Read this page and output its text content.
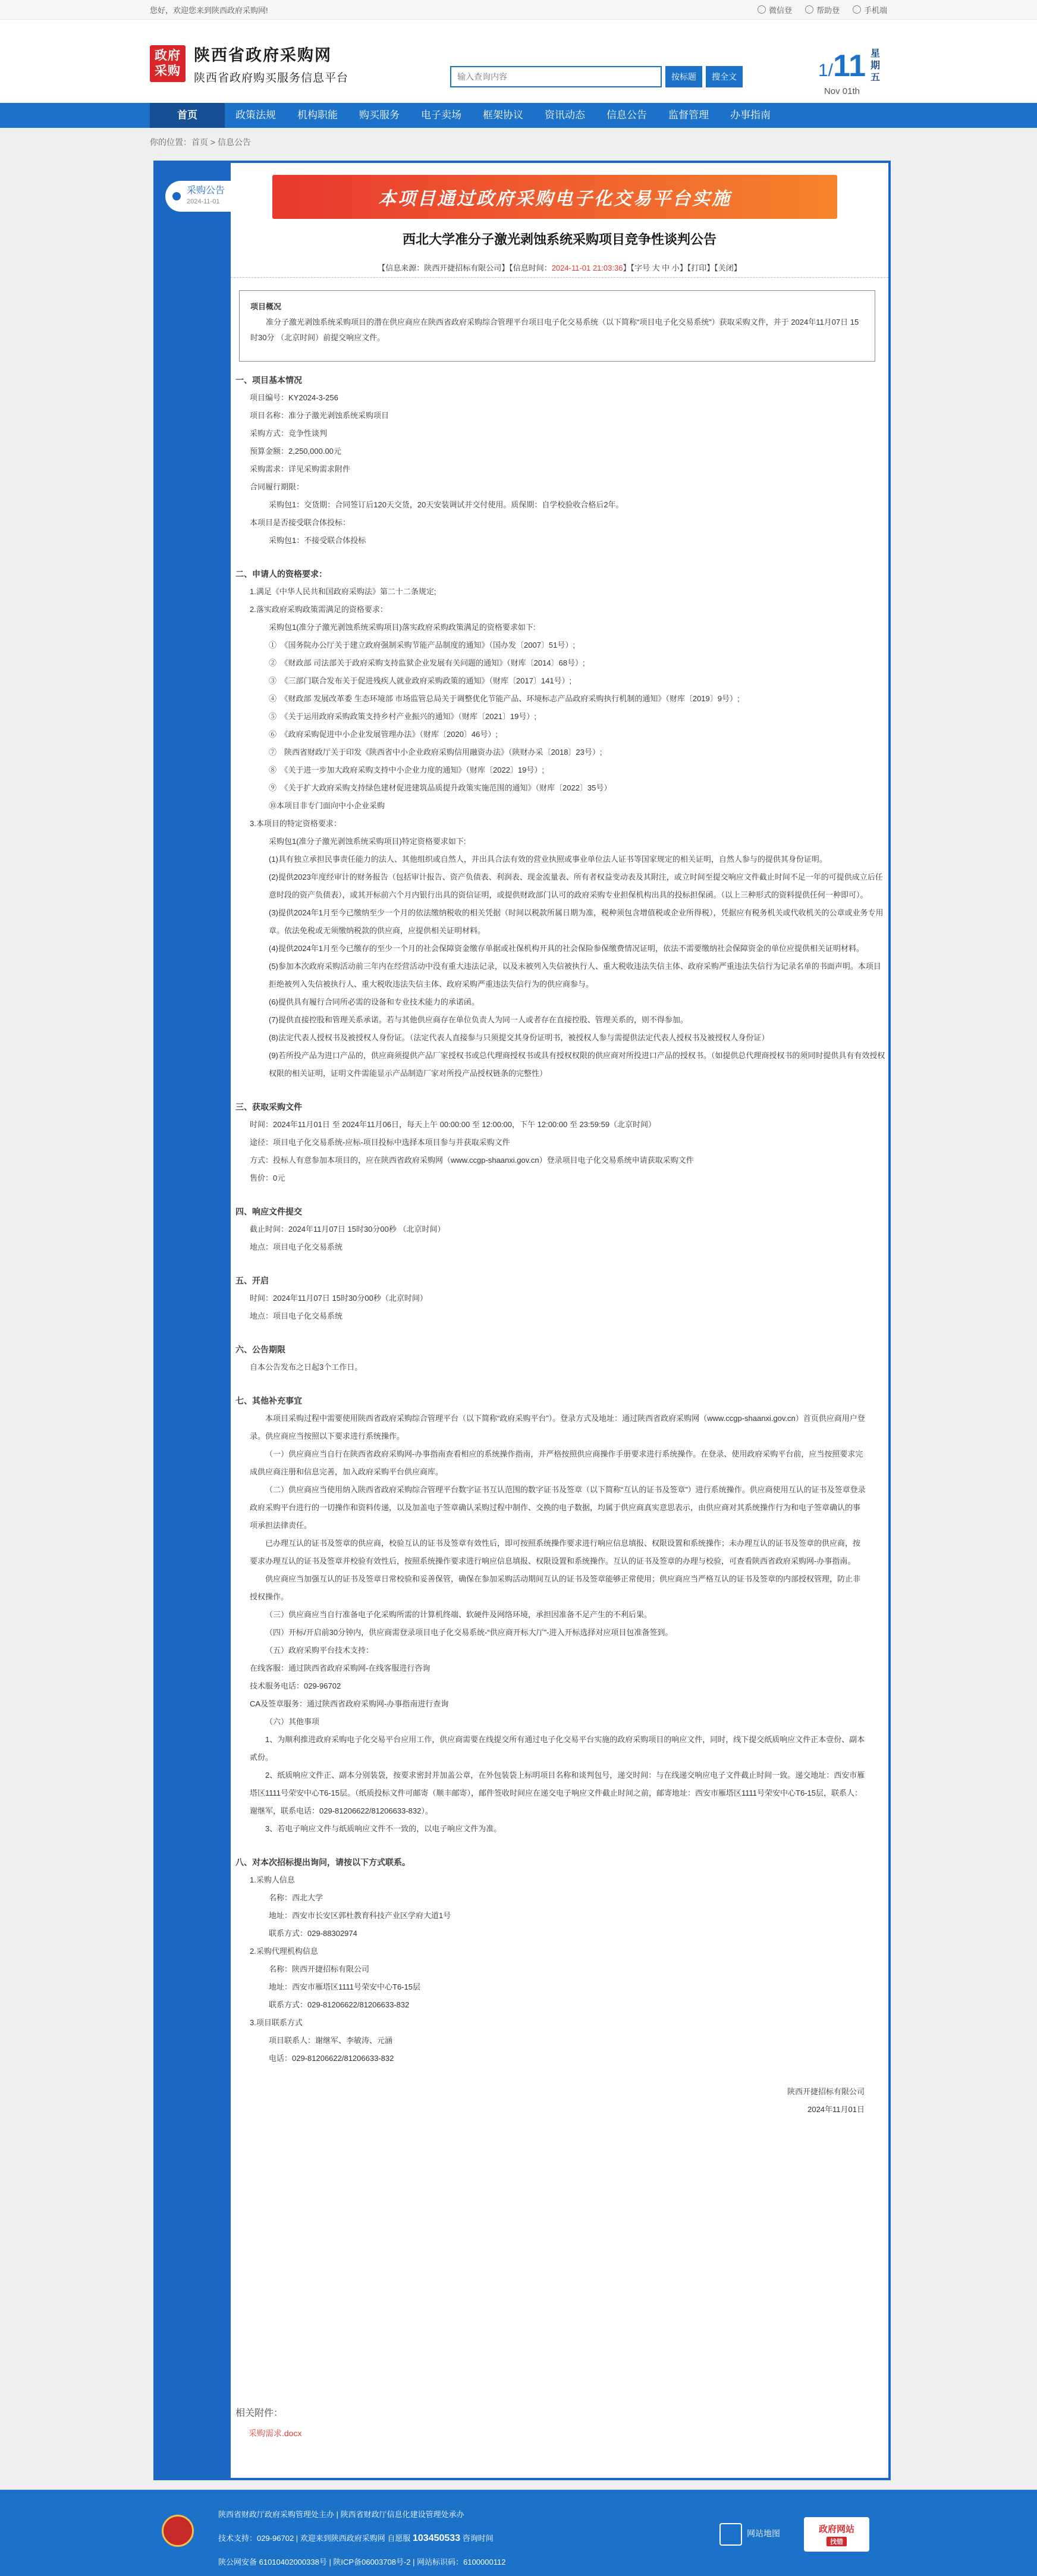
您好，欢迎您来到陕西政府采购网!	微信登	帮助登	手机端
政府
采购
陕西省政府采购网
陕西省政府购买服务信息平台
输入查询内容	按标题	搜全文	1/ 11
Nov 01th
星期五
首页	政策法规	机构职能	购买服务	电子卖场	框架协议	资讯动态	信息公告	监督管理	办事指南
你的位置：首页 > 信息公告
采购公告
2024-11-01	本项目通过政府采购电子化交易平台实施
西北大学准分子激光剥蚀系统采购项目竞争性谈判公告
【信息来源：陕西开捷招标有限公司】【信息时间：2024-11-01 21:03:36】【字号 大 中 小】【打印】【关闭】
项目概况
准分子激光剥蚀系统采购项目的潜在供应商应在陕西省政府采购综合管理平台项目电子化交易系统（以下简称“项目电子化交易系统”）获取采购文件，并于 2024年11月07日 15时30分 （北京时间）前提交响应文件。
一、项目基本情况
项目编号：KY2024-3-256
项目名称：准分子激光剥蚀系统采购项目
采购方式：竞争性谈判
预算金额：2,250,000.00元
采购需求：详见采购需求附件
合同履行期限：
采购包1：交货期：合同签订后120天交货，20天安装调试并交付使用。质保期：自学校验收合格后2年。
本项目是否接受联合体投标：
采购包1：不接受联合体投标
二、申请人的资格要求：
1.满足《中华人民共和国政府采购法》第二十二条规定;
2.落实政府采购政策需满足的资格要求：
采购包1(准分子激光剥蚀系统采购项目)落实政府采购政策满足的资格要求如下:
①　《国务院办公厅关于建立政府强制采购节能产品制度的通知》（国办发〔2007〕51号）;
②　《财政部 司法部关于政府采购支持监狱企业发展有关问题的通知》（财库〔2014〕68号）;
③　《三部门联合发布关于促进残疾人就业政府采购政策的通知》（财库〔2017〕141号）;
④　《财政部 发展改革委 生态环境部 市场监管总局关于调整优化节能产品、环境标志产品政府采购执行机制的通知》（财库〔2019〕9号）;
⑤　《关于运用政府采购政策支持乡村产业振兴的通知》（财库〔2021〕19号）;
⑥　《政府采购促进中小企业发展管理办法》（财库〔2020〕46号）;
⑦　陕西省财政厅关于印发《陕西省中小企业政府采购信用融资办法》（陕财办采〔2018〕23号）;
⑧　《关于进一步加大政府采购支持中小企业力度的通知》（财库〔2022〕19号）;
⑨　《关于扩大政府采购支持绿色建材促进建筑品质提升政策实施范围的通知》（财库〔2022〕35号）
⑩本项目非专门面向中小企业采购
3.本项目的特定资格要求：
采购包1(准分子激光剥蚀系统采购项目)特定资格要求如下:
(1)具有独立承担民事责任能力的法人、其他组织或自然人，并出具合法有效的营业执照或事业单位法人证书等国家规定的相关证明，自然人参与的提供其身份证明。
(2)提供2023年度经审计的财务报告（包括审计报告、资产负债表、利润表、现金流量表、所有者权益变动表及其附注，或立时间至提交响应文件截止时间不足一年的可提供成立后任意时段的资产负债表），或其开标前六个月内银行出具的资信证明，或提供财政部门认可的政府采购专业担保机构出具的投标担保函。（以上三种形式的资料提供任何一种即可）。
(3)提供2024年1月至今已缴纳至少一个月的依法缴纳税收的相关凭据（时间以税款所属日期为准，税种须包含增值税或企业所得税），凭据应有税务机关或代收机关的公章或业务专用章。依法免税或无须缴纳税款的供应商，应提供相关证明材料。
(4)提供2024年1月至今已缴存的至少一个月的社会保障资金缴存单据或社保机构开具的社会保险参保缴费情况证明，依法不需要缴纳社会保障资金的单位应提供相关证明材料。
(5)参加本次政府采购活动前三年内在经营活动中没有重大违法记录，以及未被列入失信被执行人、重大税收违法失信主体、政府采购严重违法失信行为记录名单的书面声明。本项目拒绝被列入失信被执行人、重大税收违法失信主体、政府采购严重违法失信行为的供应商参与。
(6)提供具有履行合同所必需的设备和专业技术能力的承诺函。
(7)提供直接控股和管理关系承诺。若与其他供应商存在单位负责人为同一人或者存在直接控股、管理关系的，则不得参加。
(8)法定代表人授权书及被授权人身份证。（法定代表人直接参与只须提交其身份证明书，被授权人参与需提供法定代表人授权书及被授权人身份证）
(9)若所投产品为进口产品的，供应商须提供产品厂家授权书或总代理商授权书或具有授权权限的供应商对所投进口产品的授权书。（如提供总代理商授权书的须同时提供具有有效授权权限的相关证明，证明文件需能显示产品制造厂家对所投产品授权链条的完整性）
三、获取采购文件
时间：2024年11月01日 至 2024年11月06日，每天上午 00:00:00 至 12:00:00，下午 12:00:00 至 23:59:59（北京时间）
途径：项目电子化交易系统-应标-项目投标中选择本项目参与并获取采购文件
方式：投标人有意参加本项目的，应在陕西省政府采购网（www.ccgp-shaanxi.gov.cn）登录项目电子化交易系统申请获取采购文件
售价：0元
四、响应文件提交
截止时间：2024年11月07日 15时30分00秒 （北京时间）
地点：项目电子化交易系统
五、开启
时间：2024年11月07日 15时30分00秒（北京时间）
地点：项目电子化交易系统
六、公告期限
自本公告发布之日起3个工作日。
七、其他补充事宜
本项目采购过程中需要使用陕西省政府采购综合管理平台（以下简称“政府采购平台”）。登录方式及地址：通过陕西省政府采购网（www.ccgp-shaanxi.gov.cn）首页供应商用户登录。供应商应当按照以下要求进行系统操作。
（一）供应商应当自行在陕西省政府采购网-办事指南查看相应的系统操作指南，并严格按照供应商操作手册要求进行系统操作。在登录、使用政府采购平台前，应当按照要求完成供应商注册和信息完善，加入政府采购平台供应商库。
（二）供应商应当使用纳入陕西省政府采购综合管理平台数字证书互认范围的数字证书及签章（以下简称“互认的证书及签章”）进行系统操作。供应商使用互认的证书及签章登录政府采购平台进行的一切操作和资料传递，以及加盖电子签章确认采购过程中制作、交换的电子数据，均属于供应商真实意思表示，由供应商对其系统操作行为和电子签章确认的事项承担法律责任。
已办理互认的证书及签章的供应商，校验互认的证书及签章有效性后，即可按照系统操作要求进行响应信息填报、权限设置和系统操作；未办理互认的证书及签章的供应商，按要求办理互认的证书及签章并校验有效性后，按照系统操作要求进行响应信息填报、权限设置和系统操作。互认的证书及签章的办理与校验，可查看陕西省政府采购网-办事指南。
供应商应当加强互认的证书及签章日常校验和妥善保管，确保在参加采购活动期间互认的证书及签章能够正常使用；供应商应当严格互认的证书及签章的内部授权管理，防止非授权操作。
（三）供应商应当自行准备电子化采购所需的计算机终端、软硬件及网络环境，承担因准备不足产生的不利后果。
（四）开标/开启前30分钟内，供应商需登录项目电子化交易系统-“供应商开标大厅”-进入开标选择对应项目包准备签到。
（五）政府采购平台技术支持：
在线客服：通过陕西省政府采购网-在线客服进行咨询
技术服务电话：029-96702
CA及签章服务：通过陕西省政府采购网-办事指南进行查询
（六）其他事项
1、为顺利推进政府采购电子化交易平台应用工作，供应商需要在线提交所有通过电子化交易平台实施的政府采购项目的响应文件，同时，线下提交纸质响应文件正本壹份、副本贰份。
2、纸质响应文件正、副本分别装袋，按要求密封并加盖公章，在外包装袋上标明项目名称和谈判包号，递交时间：与在线递交响应电子文件截止时间一致。递交地址：西安市雁塔区1111号荣安中心T6-15层。（纸质投标文件可邮寄（顺丰邮寄），邮件签收时间应在递交电子响应文件截止时间之前，邮寄地址：西安市雁塔区1111号荣安中心T6-15层，联系人：谢继军，联系电话：029-81206622/81206633-832）。
3、若电子响应文件与纸质响应文件不一致的，以电子响应文件为准。
八、对本次招标提出询问，请按以下方式联系。
1.采购人信息
名称：西北大学
地址：西安市长安区郭杜教育科技产业区学府大道1号
联系方式：029-88302974
2.采购代理机构信息
名称：陕西开捷招标有限公司
地址：西安市雁塔区1111号荣安中心T6-15层
联系方式：029-81206622/81206633-832
3.项目联系方式
项目联系人：谢继军、李敏涛、元涵
电话：029-81206622/81206633-832
陕西开捷招标有限公司
2024年11月01日
相关附件：
采购需求.docx
陕西省财政厅政府采购管理处主办 | 陕西省财政厅信息化建设管理处承办
技术支持：029-96702 | 欢迎来到陕西政府采购网 自愿服 103450533 咨询时间
陕公网安备 61010402000338号 | 陕ICP备06003708号-2 | 网站标识码：6100000112
网站地图	政府网站
找错
